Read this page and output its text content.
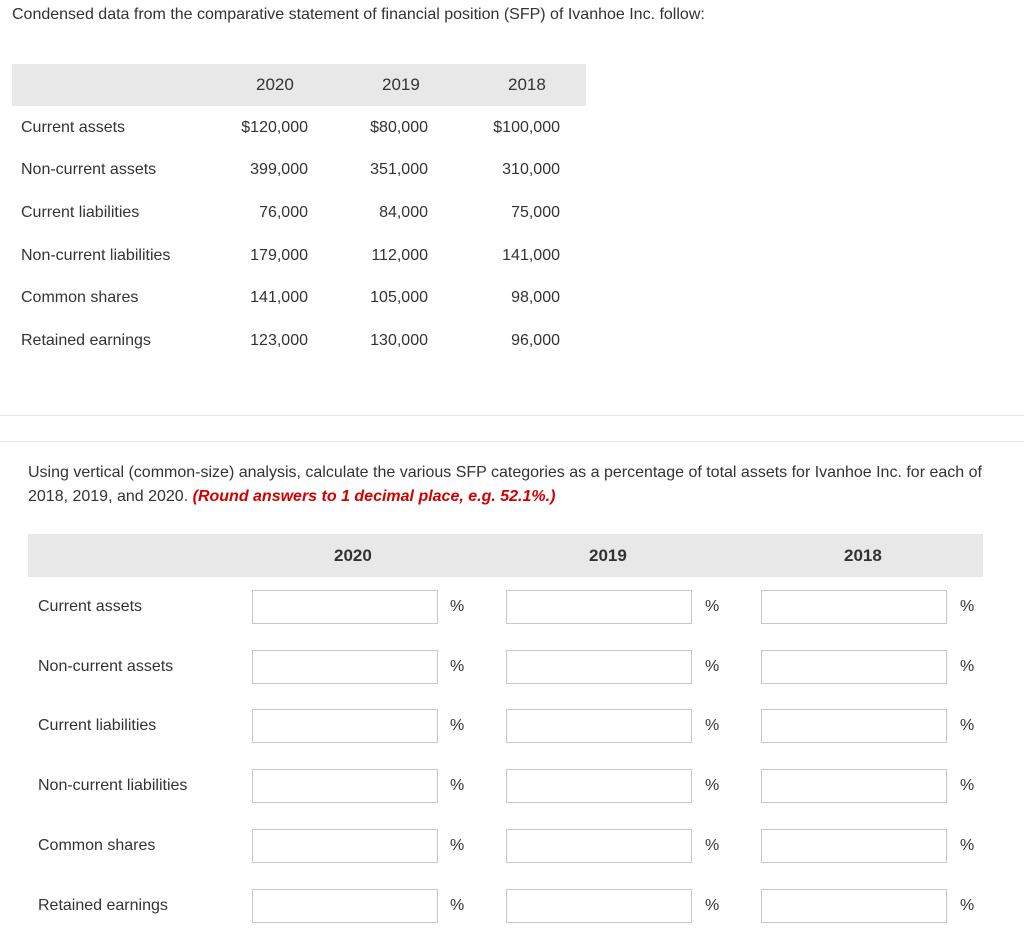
Condensed data from the comparative statement of financial position (SFP) of Ivanhoe Inc. follow:
2020	2019	2018
Current assets	$120,000	$80,000	$100,000
Non-current assets	399,000	351,000	310,000
Current liabilities	76,000	84,000	75,000
Non-current liabilities	179,000	112,000	141,000
Common shares	141,000	105,000	98,000
Retained earnings	123,000	130,000	96,000
Using vertical (common-size) analysis, calculate the various SFP categories as a percentage of total assets for Ivanhoe Inc. for each of 2018, 2019, and 2020. (Round answers to 1 decimal place, e.g. 52.1%.)
2020	2019	2018
Current assets	%	%	%
Non-current assets	%	%	%
Current liabilities	%	%	%
Non-current liabilities	%	%	%
Common shares	%	%	%
Retained earnings	%	%	%
